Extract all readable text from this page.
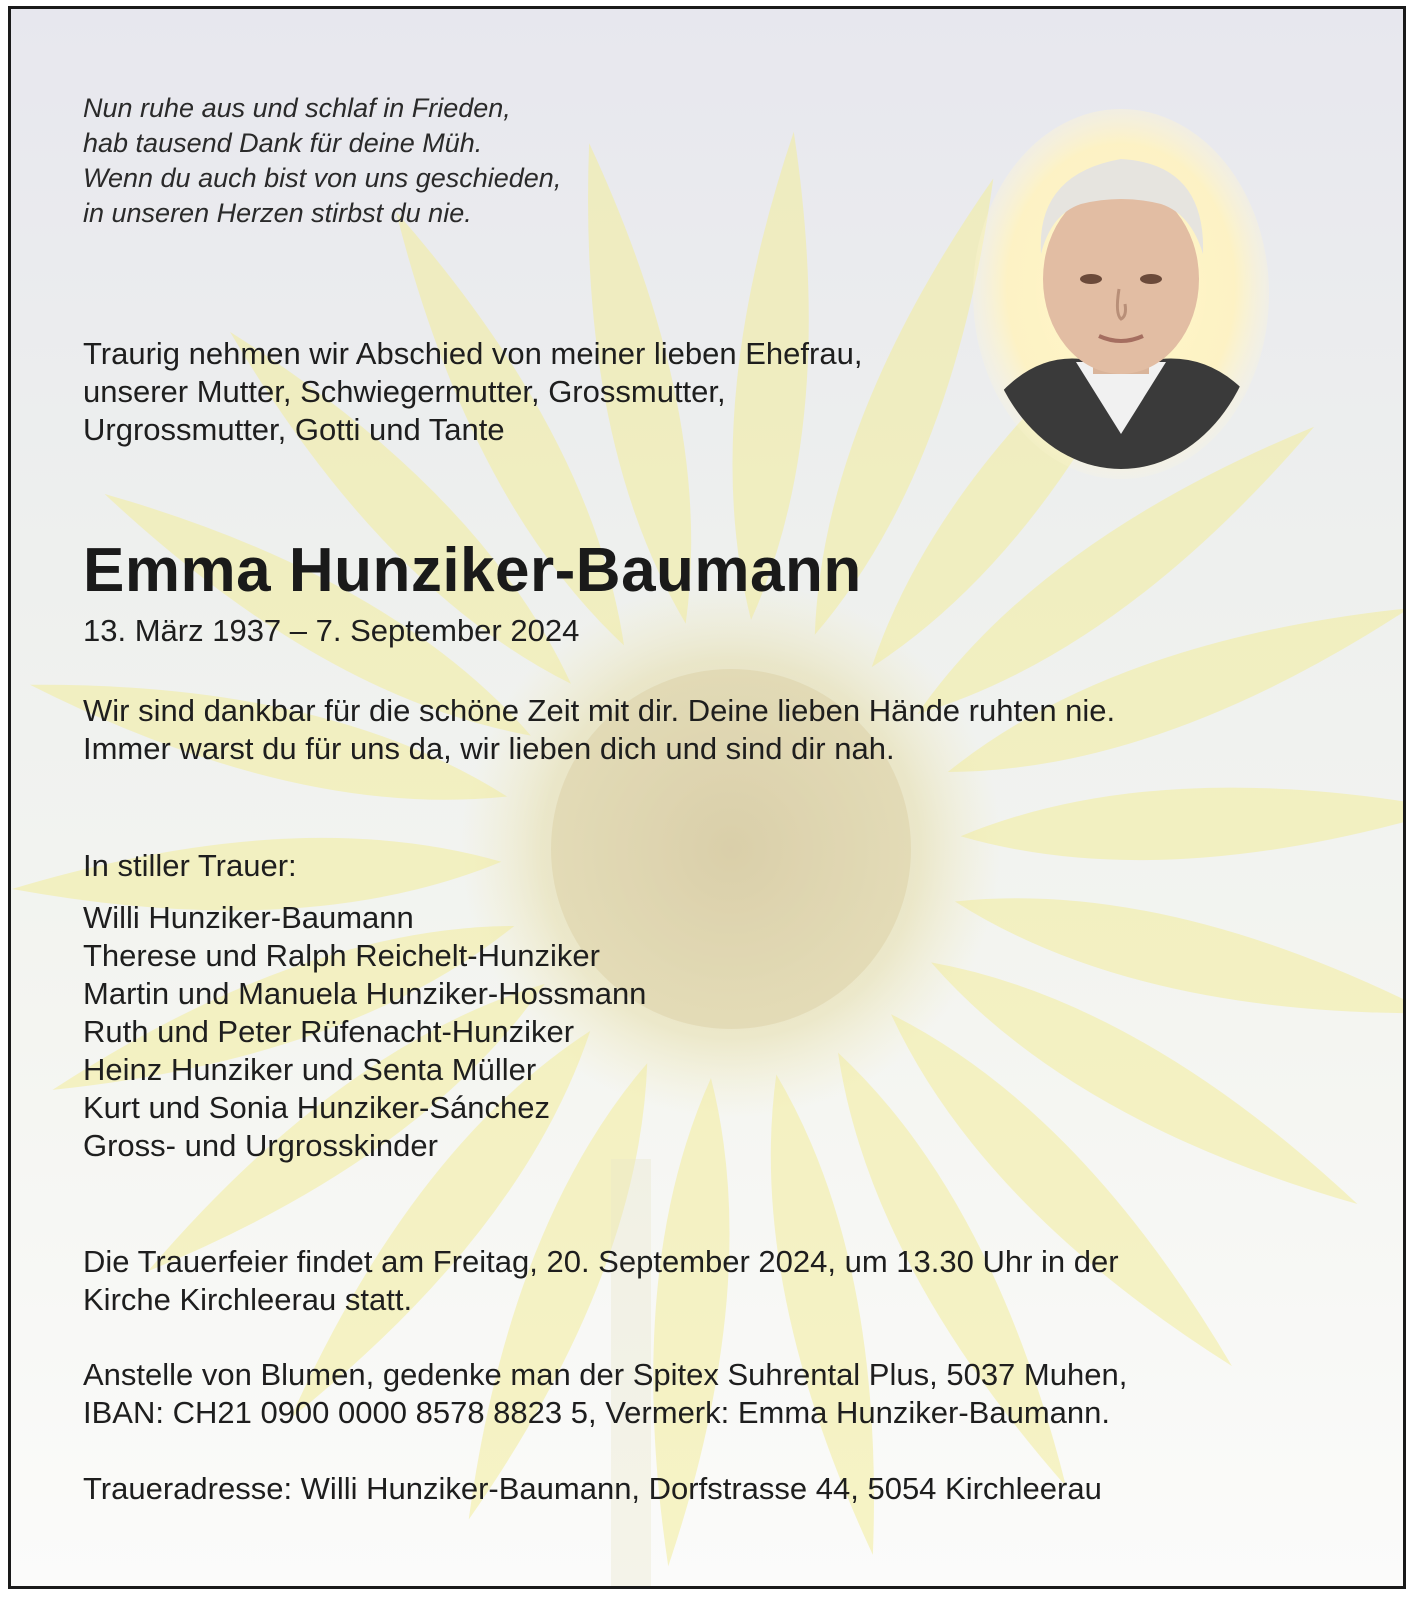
Nun ruhe aus und schlaf in Frieden,
hab tausend Dank für deine Müh.
Wenn du auch bist von uns geschieden,
in unseren Herzen stirbst du nie.
Traurig nehmen wir Abschied von meiner lieben Ehefrau,
unserer Mutter, Schwiegermutter, Grossmutter,
Urgrossmutter, Gotti und Tante
Emma Hunziker-Baumann
13. März 1937 – 7. September 2024
Wir sind dankbar für die schöne Zeit mit dir. Deine lieben Hände ruhten nie.
Immer warst du für uns da, wir lieben dich und sind dir nah.
In stiller Trauer:
Willi Hunziker-Baumann
Therese und Ralph Reichelt-Hunziker
Martin und Manuela Hunziker-Hossmann
Ruth und Peter Rüfenacht-Hunziker
Heinz Hunziker und Senta Müller
Kurt und Sonia Hunziker-Sánchez
Gross- und Urgrosskinder
Die Trauerfeier findet am Freitag, 20. September 2024, um 13.30 Uhr in der
Kirche Kirchleerau statt.
Anstelle von Blumen, gedenke man der Spitex Suhrental Plus, 5037 Muhen,
IBAN: CH21 0900 0000 8578 8823 5, Vermerk: Emma Hunziker-Baumann.
Traueradresse: Willi Hunziker-Baumann, Dorfstrasse 44, 5054 Kirchleerau
